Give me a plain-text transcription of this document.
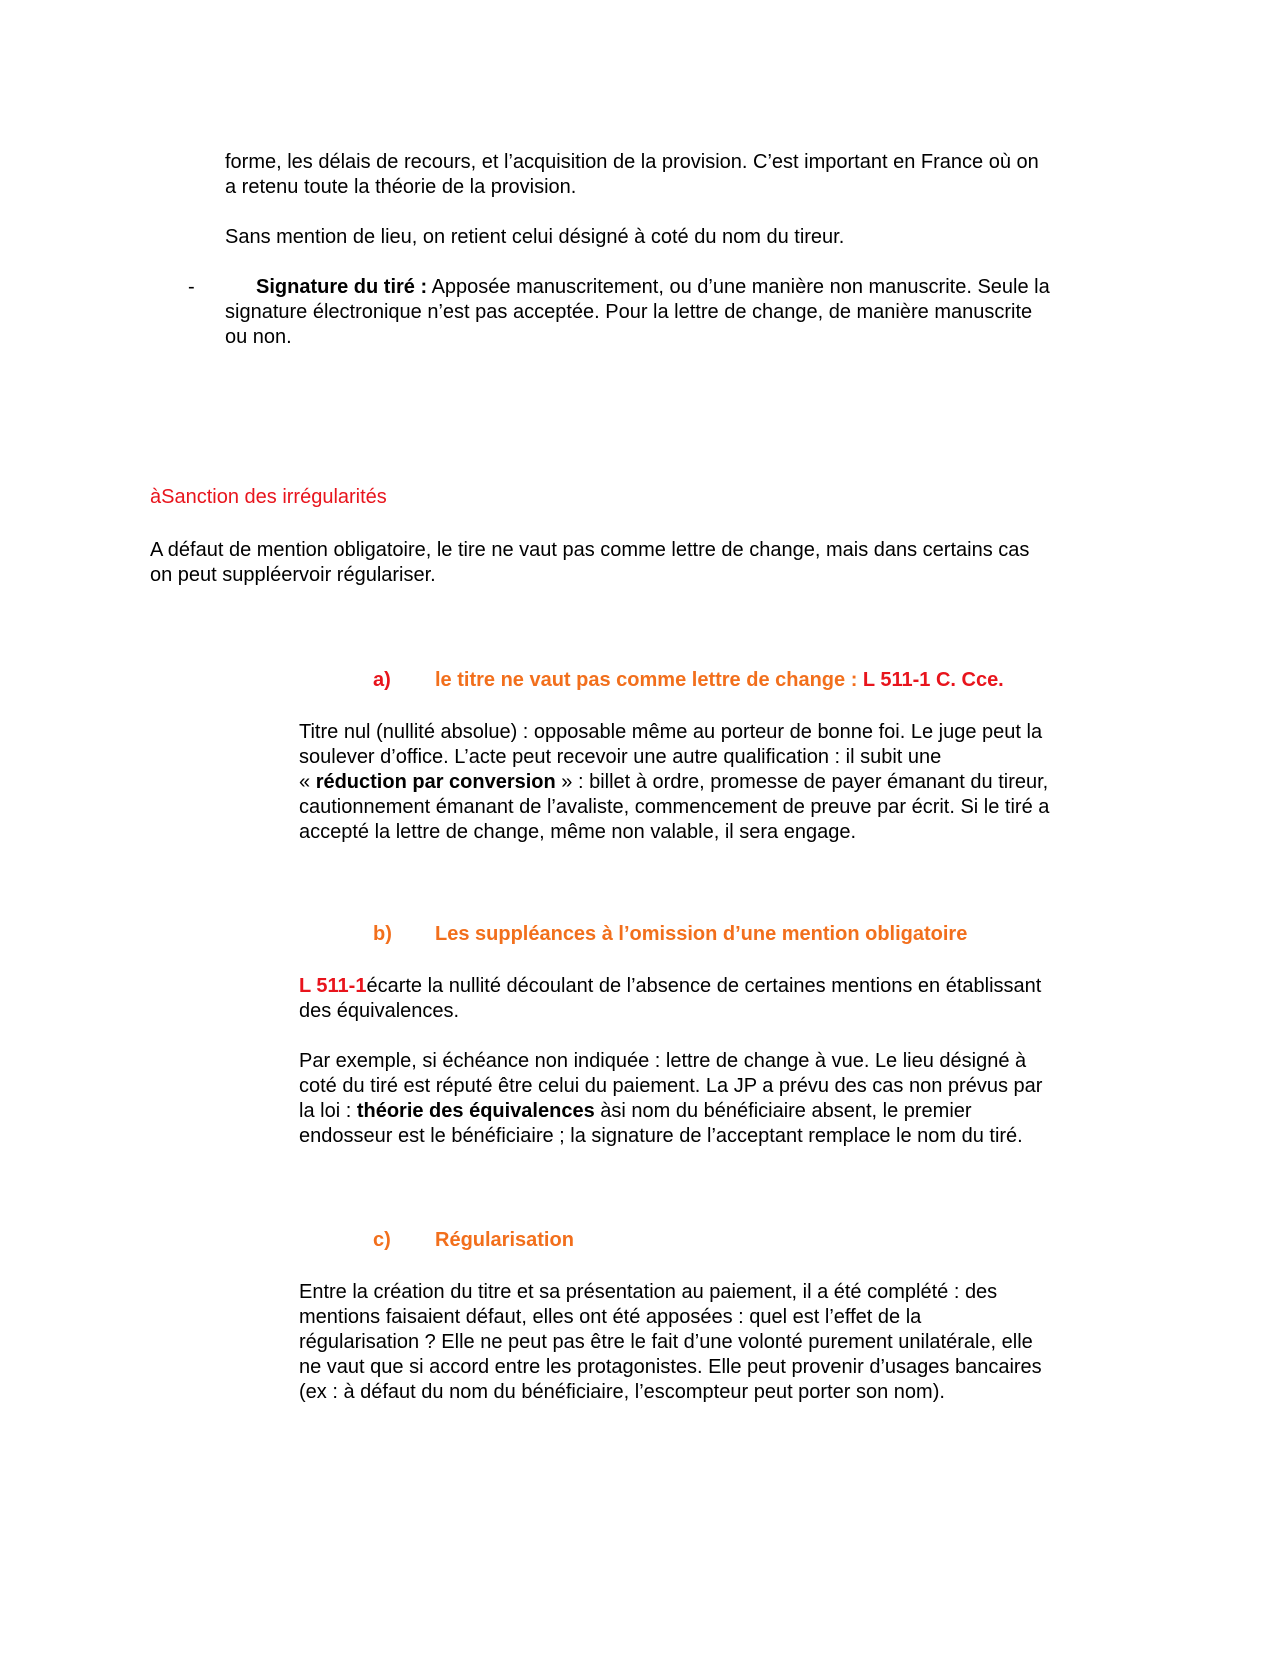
forme, les délais de recours, et l’acquisition de la provision. C’est important en France où on
a retenu toute la théorie de la provision.

Sans mention de lieu, on retient celui désigné à coté du nom du tireur.

-	Signature du tiré : Apposée manuscritement, ou d’une manière non manuscrite. Seule la
signature électronique n’est pas acceptée. Pour la lettre de change, de manière manuscrite
ou non.

àSanction des irrégularités

A défaut de mention obligatoire, le tire ne vaut pas comme lettre de change, mais dans certains cas
on peut suppléervoir régulariser.

a) le titre ne vaut pas comme lettre de change : L 511-1 C. Cce.

Titre nul (nullité absolue) : opposable même au porteur de bonne foi. Le juge peut la
soulever d’office. L’acte peut recevoir une autre qualification : il subit une
« réduction par conversion » : billet à ordre, promesse de payer émanant du tireur,
cautionnement émanant de l’avaliste, commencement de preuve par écrit. Si le tiré a
accepté la lettre de change, même non valable, il sera engage.

b) Les suppléances à l’omission d’une mention obligatoire

L 511-1écarte la nullité découlant de l’absence de certaines mentions en établissant
des équivalences.

Par exemple, si échéance non indiquée : lettre de change à vue. Le lieu désigné à
coté du tiré est réputé être celui du paiement. La JP a prévu des cas non prévus par
la loi : théorie des équivalences àsi nom du bénéficiaire absent, le premier
endosseur est le bénéficiaire ; la signature de l’acceptant remplace le nom du tiré.

c) Régularisation

Entre la création du titre et sa présentation au paiement, il a été complété : des
mentions faisaient défaut, elles ont été apposées : quel est l’effet de la
régularisation ? Elle ne peut pas être le fait d’une volonté purement unilatérale, elle
ne vaut que si accord entre les protagonistes. Elle peut provenir d’usages bancaires
(ex : à défaut du nom du bénéficiaire, l’escompteur peut porter son nom).
